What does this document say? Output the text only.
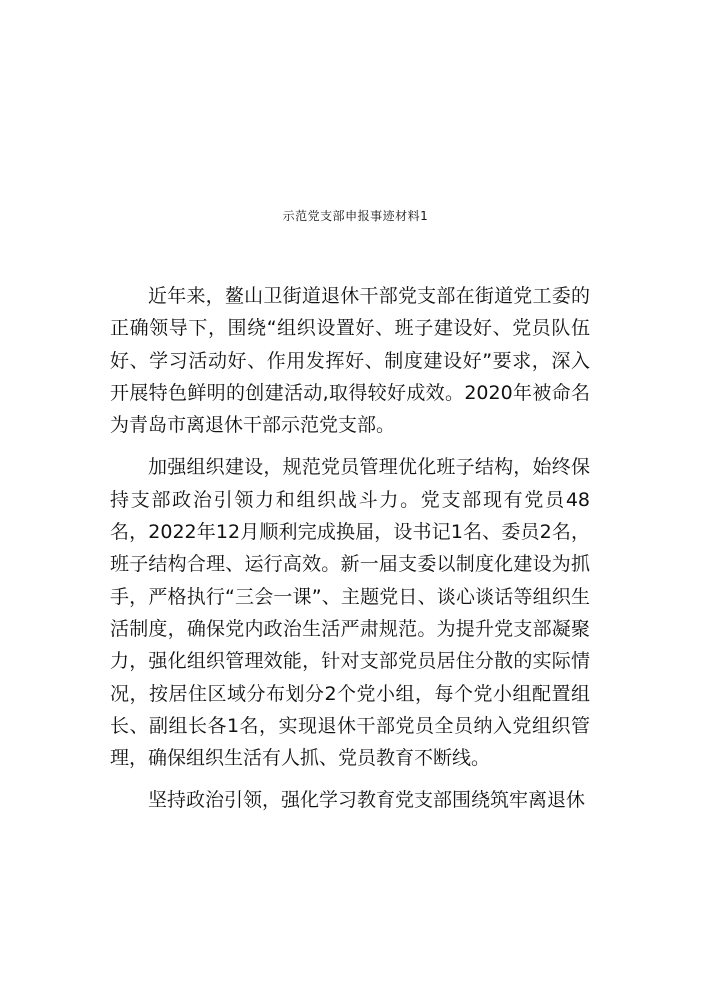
示范党支部申报事迹材料1

近年来，鳌山卫街道退休干部党支部在街道党工委的正确领导下，围绕“组织设置好、班子建设好、党员队伍好、学习活动好、作用发挥好、制度建设好”要求，深入开展特色鲜明的创建活动,取得较好成效。2020年被命名为青岛市离退休干部示范党支部。

加强组织建设，规范党员管理优化班子结构，始终保持支部政治引领力和组织战斗力。党支部现有党员48名，2022年12月顺利完成换届，设书记1名、委员2名，班子结构合理、运行高效。新一届支委以制度化建设为抓手，严格执行“三会一课”、主题党日、谈心谈话等组织生活制度，确保党内政治生活严肃规范。为提升党支部凝聚力，强化组织管理效能，针对支部党员居住分散的实际情况，按居住区域分布划分2个党小组，每个党小组配置组长、副组长各1名，实现退休干部党员全员纳入党组织管理，确保组织生活有人抓、党员教育不断线。

坚持政治引领，强化学习教育党支部围绕筑牢离退休
